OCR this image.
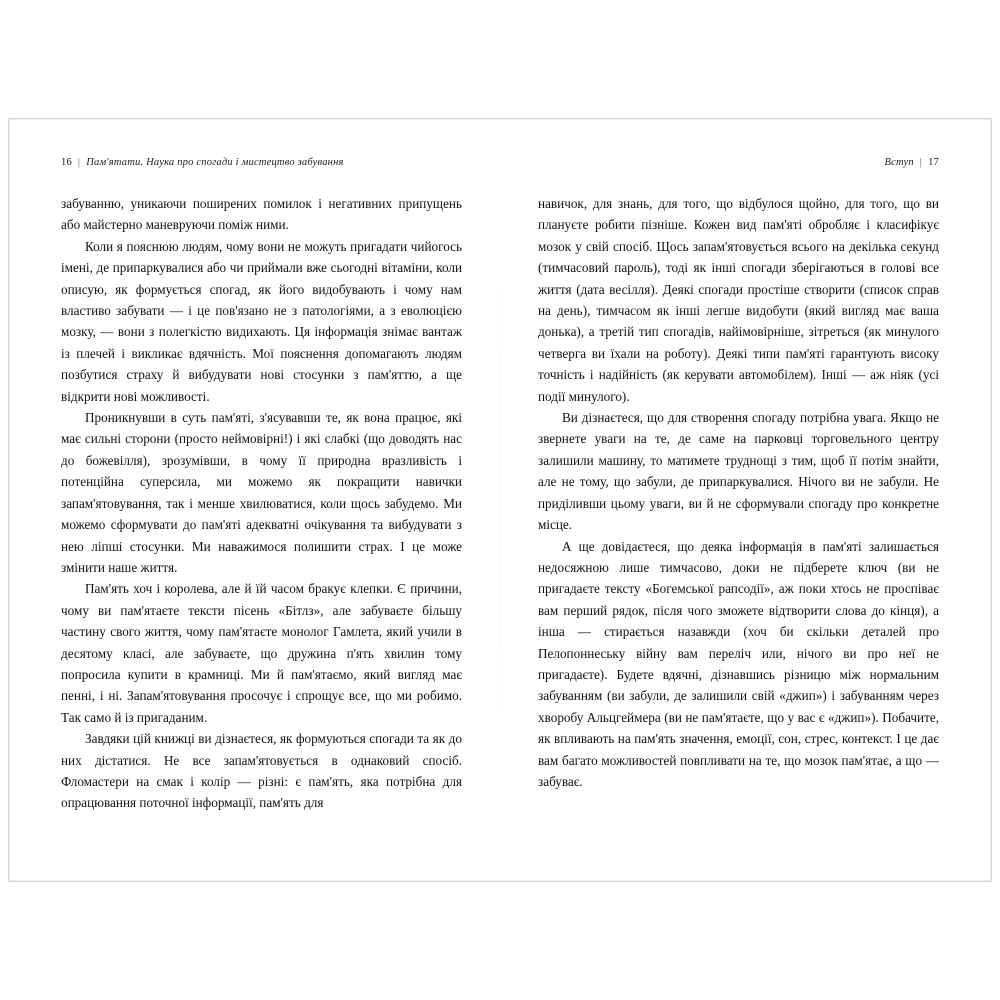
16 | Пам'ятати. Наука про спогади і мистецтво забування

забуванню, уникаючи поширених помилок і негативних припущень або майстерно маневруючи поміж ними.

Коли я пояснюю людям, чому вони не можуть пригадати чийогось імені, де припаркувалися або чи приймали вже сьогодні вітаміни, коли описую, як формується спогад, як його видобувають і чому нам властиво забувати — і це пов'язано не з патологіями, а з еволюцією мозку, — вони з полегкістю видихають. Ця інформація знімає вантаж із плечей і викликає вдячність. Мої пояснення допомагають людям позбутися страху й вибудувати нові стосунки з пам'яттю, а ще відкрити нові можливості.

Проникнувши в суть пам'яті, з'ясувавши те, як вона працює, які має сильні сторони (просто неймовірні!) і які слабкі (що доводять нас до божевілля), зрозумівши, в чому її природна вразливість і потенційна суперсила, ми можемо як покращити навички запам'ятовування, так і менше хвилюватися, коли щось забудемо. Ми можемо сформувати до пам'яті адекватні очікування та вибудувати з нею ліпші стосунки. Ми наважимося полишити страх. І це може змінити наше життя.

Пам'ять хоч і королева, але й їй часом бракує клепки. Є причини, чому ви пам'ятаєте тексти пісень «Бітлз», але забуваєте більшу частину свого життя, чому пам'ятаєте монолог Гамлета, який учили в десятому класі, але забуваєте, що дружина п'ять хвилин тому попросила купити в крамниці. Ми й пам'ятаємо, який вигляд має пенні, і ні. Запам'ятовування просочує і спрощує все, що ми робимо. Так само й із пригаданим.

Завдяки цій книжці ви дізнаєтеся, як формуються спогади та як до них дістатися. Не все запам'ятовується в однаковий спосіб. Фломастери на смак і колір — різні: є пам'ять, яка потрібна для опрацювання поточної інформації, пам'ять для

Вступ | 17

навичок, для знань, для того, що відбулося щойно, для того, що ви плануєте робити пізніше. Кожен вид пам'яті обробляє і класифікує мозок у свій спосіб. Щось запам'ятовується всього на декілька секунд (тимчасовий пароль), тоді як інші спогади зберігаються в голові все життя (дата весілля). Деякі спогади простіше створити (список справ на день), тимчасом як інші легше видобути (який вигляд має ваша донька), а третій тип спогадів, найімовірніше, зітреться (як минулого четверга ви їхали на роботу). Деякі типи пам'яті гарантують високу точність і надійність (як керувати автомобілем). Інші — аж ніяк (усі події минулого).

Ви дізнаєтеся, що для створення спогаду потрібна увага. Якщо не звернете уваги на те, де саме на парковці торговельного центру залишили машину, то матимете труднощі з тим, щоб її потім знайти, але не тому, що забули, де припаркувалися. Нічого ви не забули. Не приділивши цьому уваги, ви й не сформували спогаду про конкретне місце.

А ще довідаєтеся, що деяка інформація в пам'яті залишається недосяжною лише тимчасово, доки не підберете ключ (ви не пригадаєте тексту «Богемської рапсодії», аж поки хтось не проспіває вам перший рядок, після чого зможете відтворити слова до кінця), а інша — стирається назавжди (хоч би скільки деталей про Пелопоннеську війну вам переліч или, нічого ви про неї не пригадаєте). Будете вдячні, дізнавшись різницю між нормальним забуванням (ви забули, де залишили свій «джип») і забуванням через хворобу Альцгеймера (ви не пам'ятаєте, що у вас є «джип»). Побачите, як впливають на пам'ять значення, емоції, сон, стрес, контекст. І це дає вам багато можливостей повпливати на те, що мозок пам'ятає, а що — забуває.
